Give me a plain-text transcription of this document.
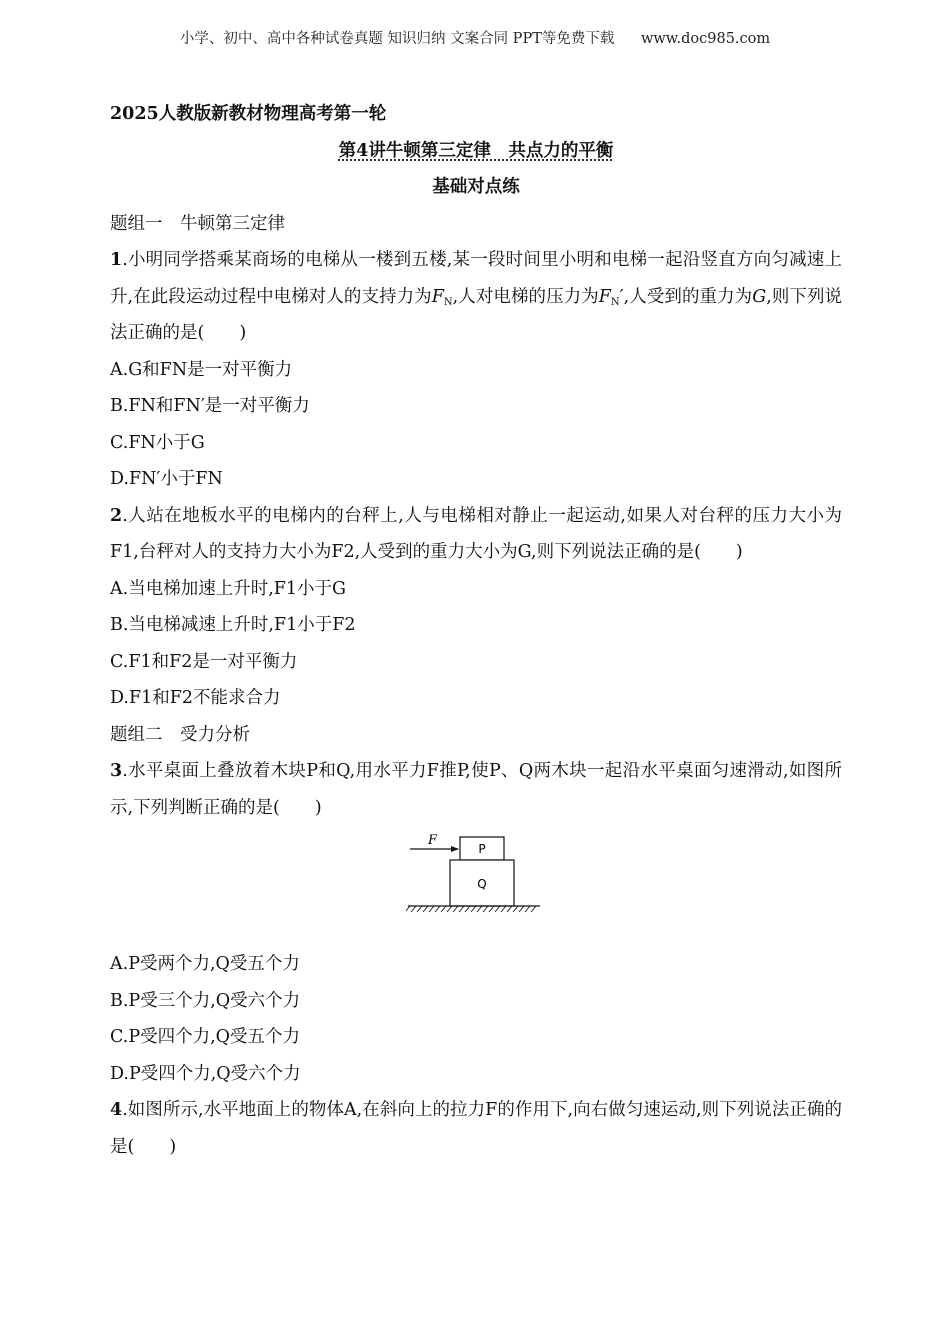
小学、初中、高中各种试卷真题 知识归纳 文案合同 PPT等免费下载 www.doc985.com
2025人教版新教材物理高考第一轮
第4讲牛顿第三定律　共点力的平衡
基础对点练
题组一　牛顿第三定律
1.小明同学搭乘某商场的电梯从一楼到五楼,某一段时间里小明和电梯一起沿竖直方向匀减速上升,在此段运动过程中电梯对人的支持力为$F_N$,人对电梯的压力为$F_N'$,人受到的重力为G,则下列说法正确的是(　　)
A.G和FN是一对平衡力
B.FN和FN′是一对平衡力
C.FN小于G
D.FN′小于FN
2.人站在地板水平的电梯内的台秤上,人与电梯相对静止一起运动,如果人对台秤的压力大小为F1,台秤对人的支持力大小为F2,人受到的重力大小为G,则下列说法正确的是(　　)
A.当电梯加速上升时,F1小于G
B.当电梯减速上升时,F1小于F2
C.F1和F2是一对平衡力
D.F1和F2不能求合力
题组二　受力分析
3.水平桌面上叠放着木块P和Q,用水平力F推P,使P、Q两木块一起沿水平桌面匀速滑动,如图所示,下列判断正确的是(　　)
F
P
Q
A.P受两个力,Q受五个力
B.P受三个力,Q受六个力
C.P受四个力,Q受五个力
D.P受四个力,Q受六个力
4.如图所示,水平地面上的物体A,在斜向上的拉力F的作用下,向右做匀速运动,则下列说法正确的是(　　)
